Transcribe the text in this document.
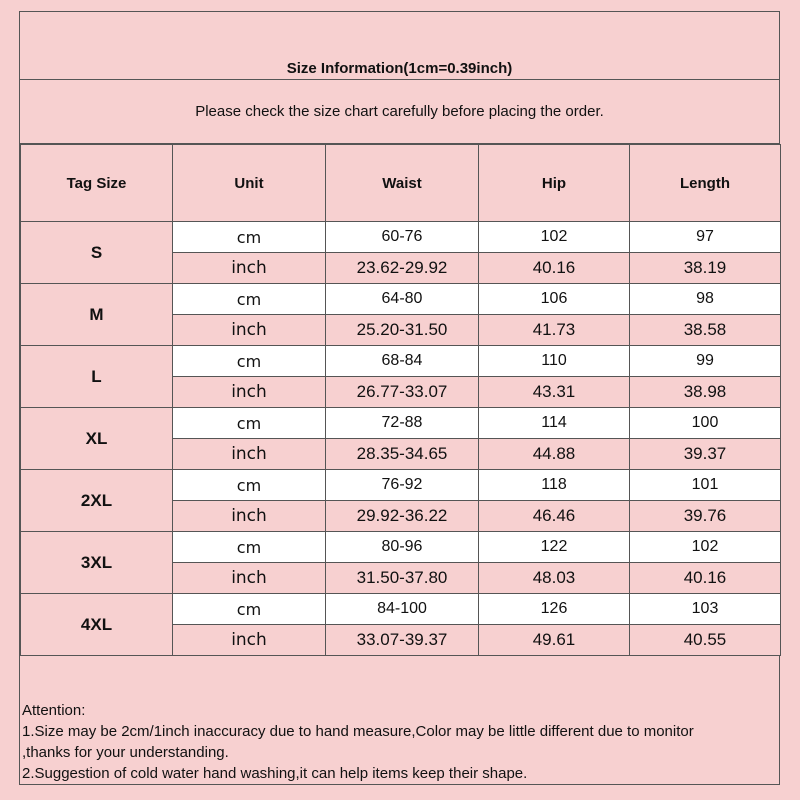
Size Information(1cm=0.39inch)
Please check the size chart carefully before placing the order.
Tag Size	Unit	Waist	Hip	Length
S	cm	60-76	102	97
	inch	23.62-29.92	40.16	38.19
M	cm	64-80	106	98
	inch	25.20-31.50	41.73	38.58
L	cm	68-84	110	99
	inch	26.77-33.07	43.31	38.98
XL	cm	72-88	114	100
	inch	28.35-34.65	44.88	39.37
2XL	cm	76-92	118	101
	inch	29.92-36.22	46.46	39.76
3XL	cm	80-96	122	102
	inch	31.50-37.80	48.03	40.16
4XL	cm	84-100	126	103
	inch	33.07-39.37	49.61	40.55
Attention:
1.Size may be 2cm/1inch inaccuracy due to hand measure,Color may be little different due to monitor
,thanks for your understanding.
2.Suggestion of cold water hand washing,it can help items keep their shape.
